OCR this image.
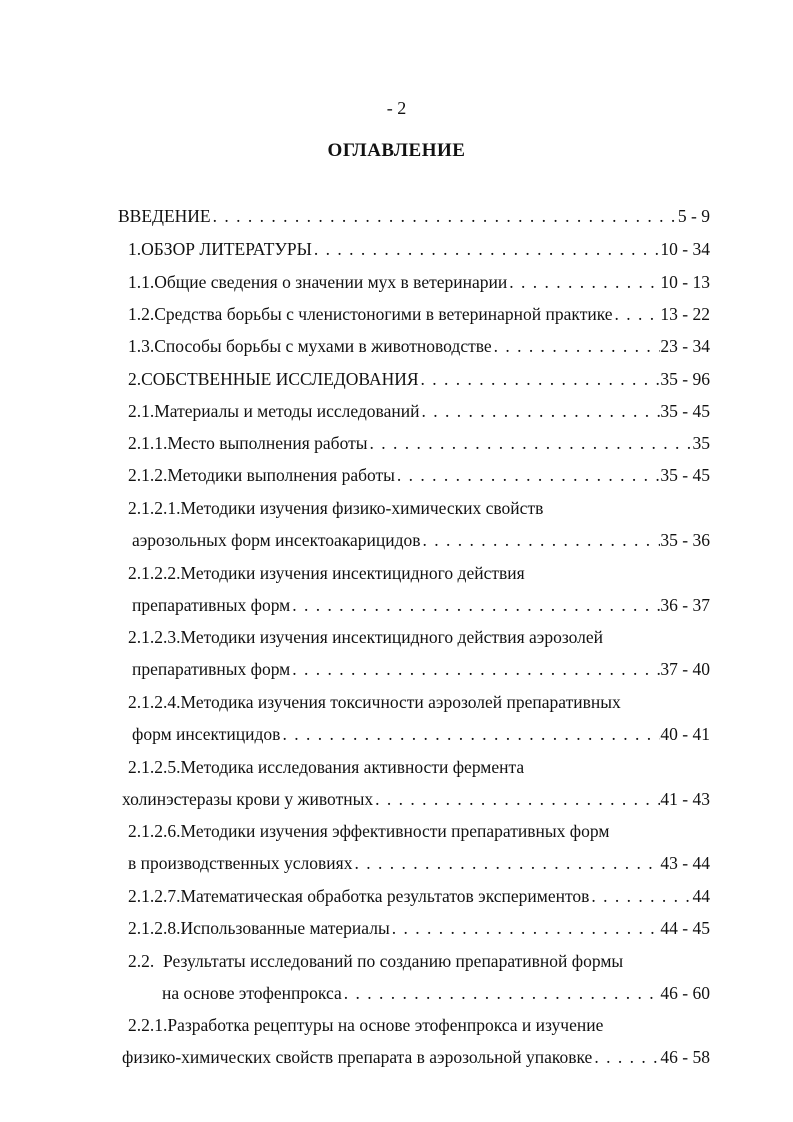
- 2
ОГЛАВЛЕНИЕ
ВВЕДЕНИЕ . . .	5 - 9
1.ОБЗОР ЛИТЕРАТУРЫ . . .	10 - 34
1.1.Общие сведения о значении мух в ветеринарии . . .	10 - 13
1.2.Средства борьбы с членистоногими в ветеринарной практике . . .	13 - 22
1.3.Способы борьбы с мухами в животноводстве . . .	23 - 34
2.СОБСТВЕННЫЕ ИССЛЕДОВАНИЯ . . .	35 - 96
2.1.Материалы и методы исследований . . .	35 - 45
2.1.1.Место выполнения работы . . .	35
2.1.2.Методики выполнения работы . . .	35 - 45
2.1.2.1.Методики изучения физико-химических свойств
аэрозольных форм инсектоакарицидов . . .	35 - 36
2.1.2.2.Методики изучения инсектицидного действия
препаративных форм . . .	36 - 37
2.1.2.3.Методики изучения инсектицидного действия аэрозолей
препаративных форм . . .	37 - 40
2.1.2.4.Методика изучения токсичности аэрозолей препаративных
форм инсектицидов . . .	40 - 41
2.1.2.5.Методика исследования активности фермента
холинэстеразы крови у животных . . .	41 - 43
2.1.2.6.Методики изучения эффективности препаративных форм
в производственных условиях . . .	43 - 44
2.1.2.7.Математическая обработка результатов экспериментов . . .	44
2.1.2.8.Использованные материалы . . .	44 - 45
2.2.  Результаты исследований по созданию препаративной формы
на основе этофенпрокса . . .	46 - 60
2.2.1.Разработка рецептуры на основе этофенпрокса и изучение
физико-химических свойств препарата в аэрозольной упаковке . . .	46 - 58
